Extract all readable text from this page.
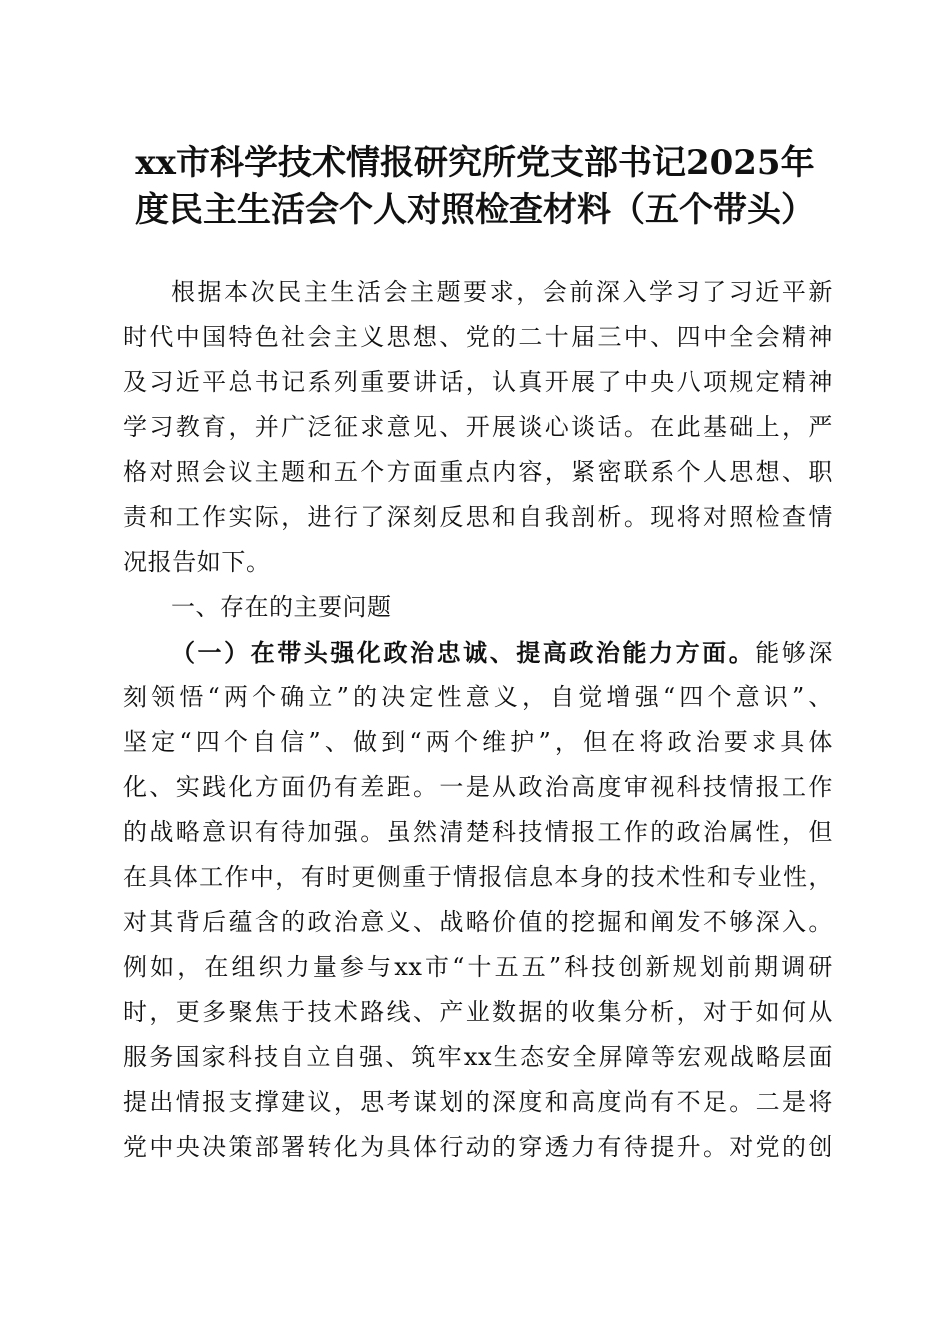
xx市科学技术情报研究所党支部书记2025年
度民主生活会个人对照检查材料（五个带头）
根据本次民主生活会主题要求，会前深入学习了习近平新
时代中国特色社会主义思想、党的二十届三中、四中全会精神
及习近平总书记系列重要讲话，认真开展了中央八项规定精神
学习教育，并广泛征求意见、开展谈心谈话。在此基础上，严
格对照会议主题和五个方面重点内容，紧密联系个人思想、职
责和工作实际，进行了深刻反思和自我剖析。现将对照检查情
况报告如下。
一、存在的主要问题
（一）在带头强化政治忠诚、提高政治能力方面。能够深
刻领悟“两个确立”的决定性意义，自觉增强“四个意识”、
坚定“四个自信”、做到“两个维护”，但在将政治要求具体
化、实践化方面仍有差距。一是从政治高度审视科技情报工作
的战略意识有待加强。虽然清楚科技情报工作的政治属性，但
在具体工作中，有时更侧重于情报信息本身的技术性和专业性，
对其背后蕴含的政治意义、战略价值的挖掘和阐发不够深入。
例如，在组织力量参与xx市“十五五”科技创新规划前期调研
时，更多聚焦于技术路线、产业数据的收集分析，对于如何从
服务国家科技自立自强、筑牢xx生态安全屏障等宏观战略层面
提出情报支撑建议，思考谋划的深度和高度尚有不足。二是将
党中央决策部署转化为具体行动的穿透力有待提升。对党的创
